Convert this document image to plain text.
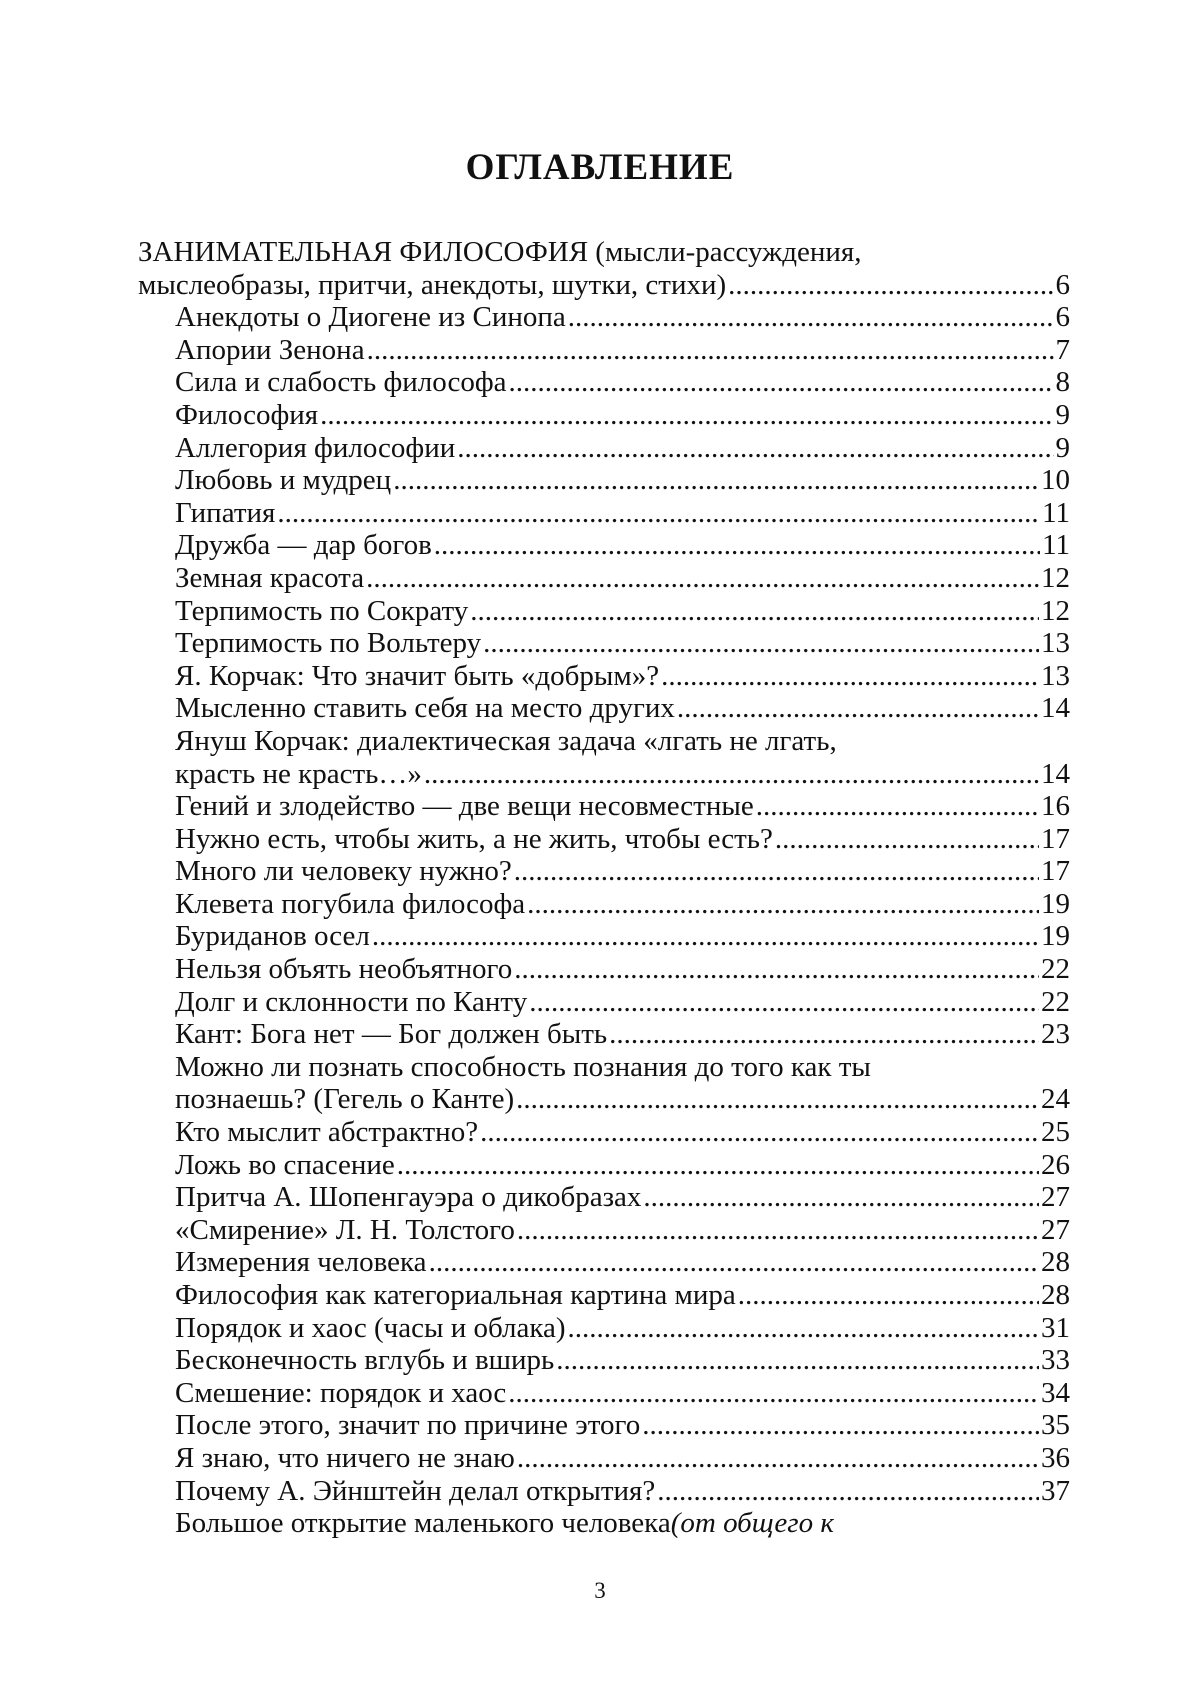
ОГЛАВЛЕНИЕ
ЗАНИМАТЕЛЬНАЯ ФИЛОСОФИЯ (мысли-рассуждения,
мыслеобразы, притчи, анекдоты, шутки, стихи) .....	6
Анекдоты о Диогене из Синопа .....	6
Апории Зенона .....	7
Сила и слабость философа .....	8
Философия .....	9
Аллегория философии .....	9
Любовь и мудрец .....	10
Гипатия .....	11
Дружба — дар богов .....	11
Земная красота .....	12
Терпимость по Сократу .....	12
Терпимость по Вольтеру .....	13
Я. Корчак: Что значит быть «добрым»? .....	13
Мысленно ставить себя на место других .....	14
Януш Корчак: диалектическая задача «лгать не лгать,
красть не красть…» .....	14
Гений и злодейство — две вещи несовместные .....	16
Нужно есть, чтобы жить, а не жить, чтобы есть? .....	17
Много ли человеку нужно? .....	17
Клевета погубила философа .....	19
Буриданов осел .....	19
Нельзя объять необъятного .....	22
Долг и склонности по Канту .....	22
Кант: Бога нет — Бог должен быть .....	23
Можно ли познать способность познания до того как ты
познаешь? (Гегель о Канте) .....	24
Кто мыслит абстрактно? .....	25
Ложь во спасение .....	26
Притча А. Шопенгауэра о дикобразах .....	27
«Смирение» Л. Н. Толстого .....	27
Измерения человека .....	28
Философия как категориальная картина мира .....	28
Порядок и хаос (часы и облака) .....	31
Бесконечность вглубь и вширь .....	33
Смешение: порядок и хаос .....	34
После этого, значит по причине этого .....	35
Я знаю, что ничего не знаю .....	36
Почему А. Эйнштейн делал открытия? .....	37
Большое открытие маленького человека (от общего к
3
